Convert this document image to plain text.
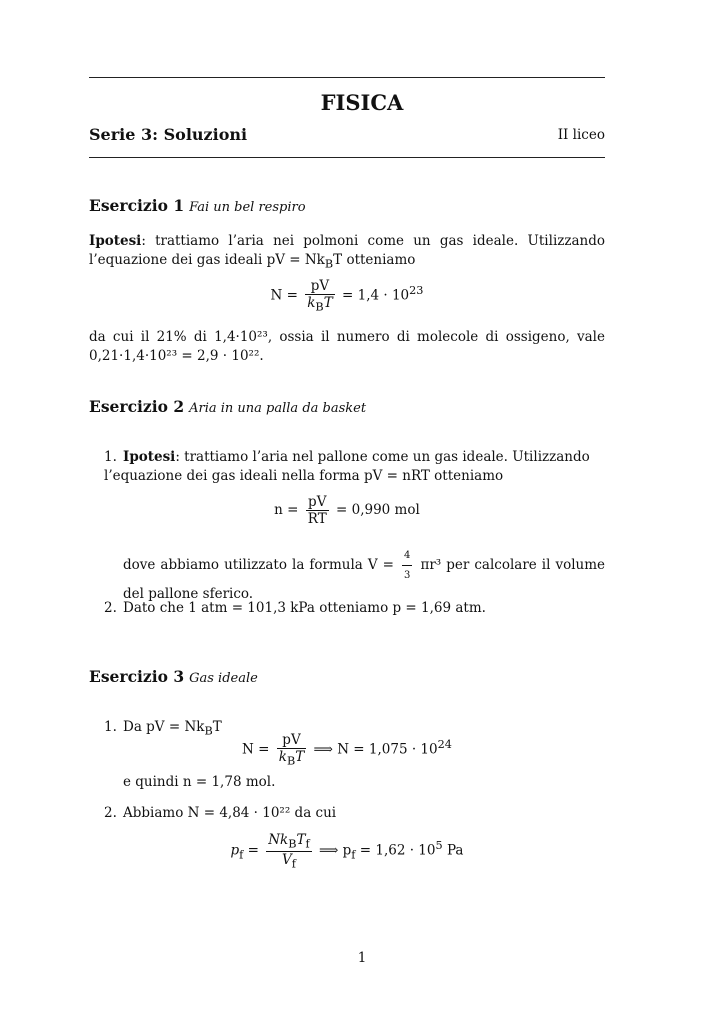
FISICA
Serie 3: Soluzioni	II liceo
Esercizio 1 Fai un bel respiro
Ipotesi: trattiamo l’aria nei polmoni come un gas ideale. Utilizzando l’equazione dei gas ideali pV = $Nk_BT$ otteniamo
$N = \frac{pV}{k_BT} = 1,4 \cdot 10^{23}$
da cui il 21% di 1,4·10²³, ossia il numero di molecole di ossigeno, vale 0,21·1,4·10²³ = 2,9 · 10²².
Esercizio 2 Aria in una palla da basket
1. Ipotesi: trattiamo l’aria nel pallone come un gas ideale. Utilizzando l’equazione dei gas ideali nella forma pV = nRT otteniamo
$n = \frac{pV}{RT} = 0,990$ mol
dove abbiamo utilizzato la formula $V = \frac{4}{3} \pi r^3$ per calcolare il volume del pallone sferico.
2. Dato che 1 atm = 101,3 kPa otteniamo p = 1,69 atm.
Esercizio 3 Gas ideale
1. Da pV = $Nk_BT$
$N = \frac{pV}{k_BT}$ ⟹ $N = 1,075 \cdot 10^{24}$
e quindi n = 1,78 mol.
2. Abbiamo N = 4,84 · 10²² da cui
$p_f = \frac{Nk_BT_f}{V_f}$ ⟹ $p_f = 1,62 \cdot 10^5$ Pa
1
